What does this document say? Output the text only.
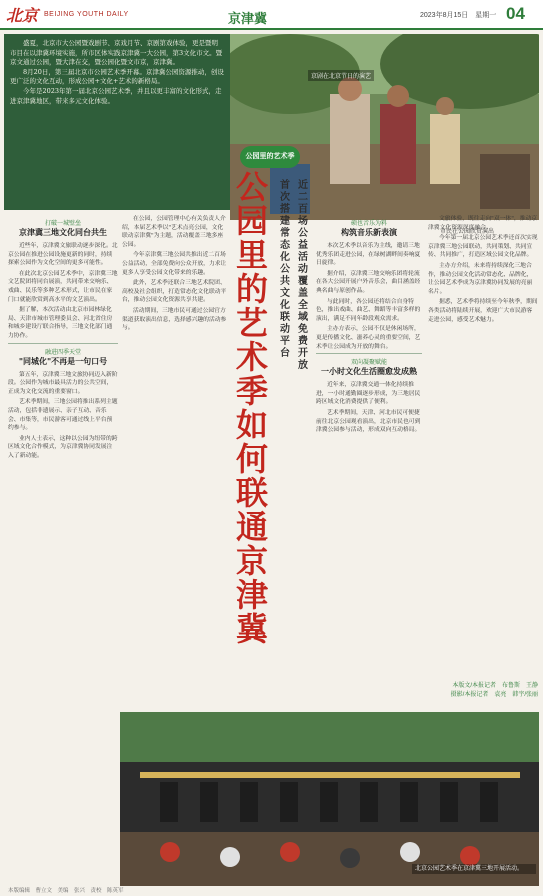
北京 BEIJING YOUTH DAILY	京津冀	2023年8月15日　星期一 04

盛夏，北京市大公园暨戏剧节、京戏月节、京剧第戏体验，更是暨明市目在以津冀环境实施，所市区体实践京津冀一大公园，第3文化市文。暨京文通过公园，暨大津在交，暨公园化暨文市京，京津冀。

8月20日，第三届北京市公园艺术季开幕。京津冀公园资源推动，创设更广泛的文化互动，形成公园+文化+艺术的新格局。

今年是2023年第一届北京公园艺术季，并且以更丰富的文化形式，走进京津冀地区，带来多元文化体验。

京剧在北京节日的演艺
公园里的艺术季
公园里的艺术季如何联通京津冀
首次搭建常态化公共文化联动平台
近二百场公益活动覆盖全域免费开放
打破一城壁垒
京津冀三地文化同台共生

近些年，京津冀文旅联动逐步深化。北京公园在推进公园设施更新的同时，持续探索公园作为文化空间的更多可能性。

在此次北京公园艺术季中，京津冀三地文艺院团将同台展演，共同带来交响乐、戏曲、民乐等多种艺术形式，让市民在家门口就能欣赏到高水平的文艺演出。

据了解，本次活动由北京市园林绿化局、天津市城市管理委员会、河北省住房和城乡建设厅联合指导，三地文化部门通力协作。

融进四季天堂
"同城化"不再是一句口号

第五年，京津冀三地文旅协同迈入新阶段。公园作为城市最具活力的公共空间，正成为文化交流的重要窗口。

艺术季期间，三地公园将推出系列主题活动，包括非遗展示、亲子互动、音乐会、市集等，市民游客可通过线上平台预约参与。

业内人士表示，这种以公园为纽带的跨区域文化合作模式，为京津冀协同发展注入了新动能。

在公园，公园管理中心有关负责人介绍，本届艺术季以"艺术点亮公园，文化联动京津冀"为主题，活动覆盖三地多座公园。

今年京津冀三地公园共推出近二百场公益活动，全部免费向公众开放，力求让更多人享受公园文化带来的乐趣。

此外，艺术季还联合三地艺术院团、高校及社会组织，打造常态化文化联动平台，推动公园文化资源共享共建。

活动期间，三地市民可通过公园官方渠道获取演出信息，选择感兴趣的活动参与。

硕也音乐为料
构筑音乐新表演

本次艺术季以音乐为主线，邀请三地优秀乐团走进公园，在绿树湖畔间奏响夏日旋律。

据介绍，京津冀三地交响乐团将轮流在各大公园开展户外音乐会，曲目涵盖经典名曲与原创作品。

与此同时，各公园还将结合自身特色，推出戏曲、曲艺、舞蹈等丰富多样的演出，满足不同年龄段观众需求。

主办方表示，公园不仅是休闲场所，更是传播文化、滋养心灵的重要空间，艺术季让公园成为开放的舞台。

双向凝聚赋能
一小时文化生活圈愈发成熟

近年来，京津冀交通一体化持续推进，一小时通勤圈逐步形成，为三地居民跨区域文化消费提供了便利。

艺术季期间，天津、河北市民可便捷前往北京公园观看演出，北京市民也可到津冀公园参与活动，形成双向互动格局。

文旅体验，既往走向"双一体"，推动京津冀文化资源深度融合。

今年第一届北京公园艺术季还首次实现京津冀三地公园联动，共同策划、共同宣传、共同推广，打造区域公园文化品牌。

主办方介绍，未来将持续深化三地合作，推动公园文化活动常态化、品牌化，让公园艺术季成为京津冀协同发展的亮丽名片。

据悉，艺术季将持续至今年秋季，期间各类活动将陆续开展，欢迎广大市民游客走进公园，感受艺术魅力。

市民在公园欣赏演出
本版文/本报记者　布鲁斯　王静
摄影/本报记者　袁亮　韩宇/张丽
北京公园艺术季在京津冀三地开展活动。
本版编辑　曹立文　美编　张兴　责校　陈英军
